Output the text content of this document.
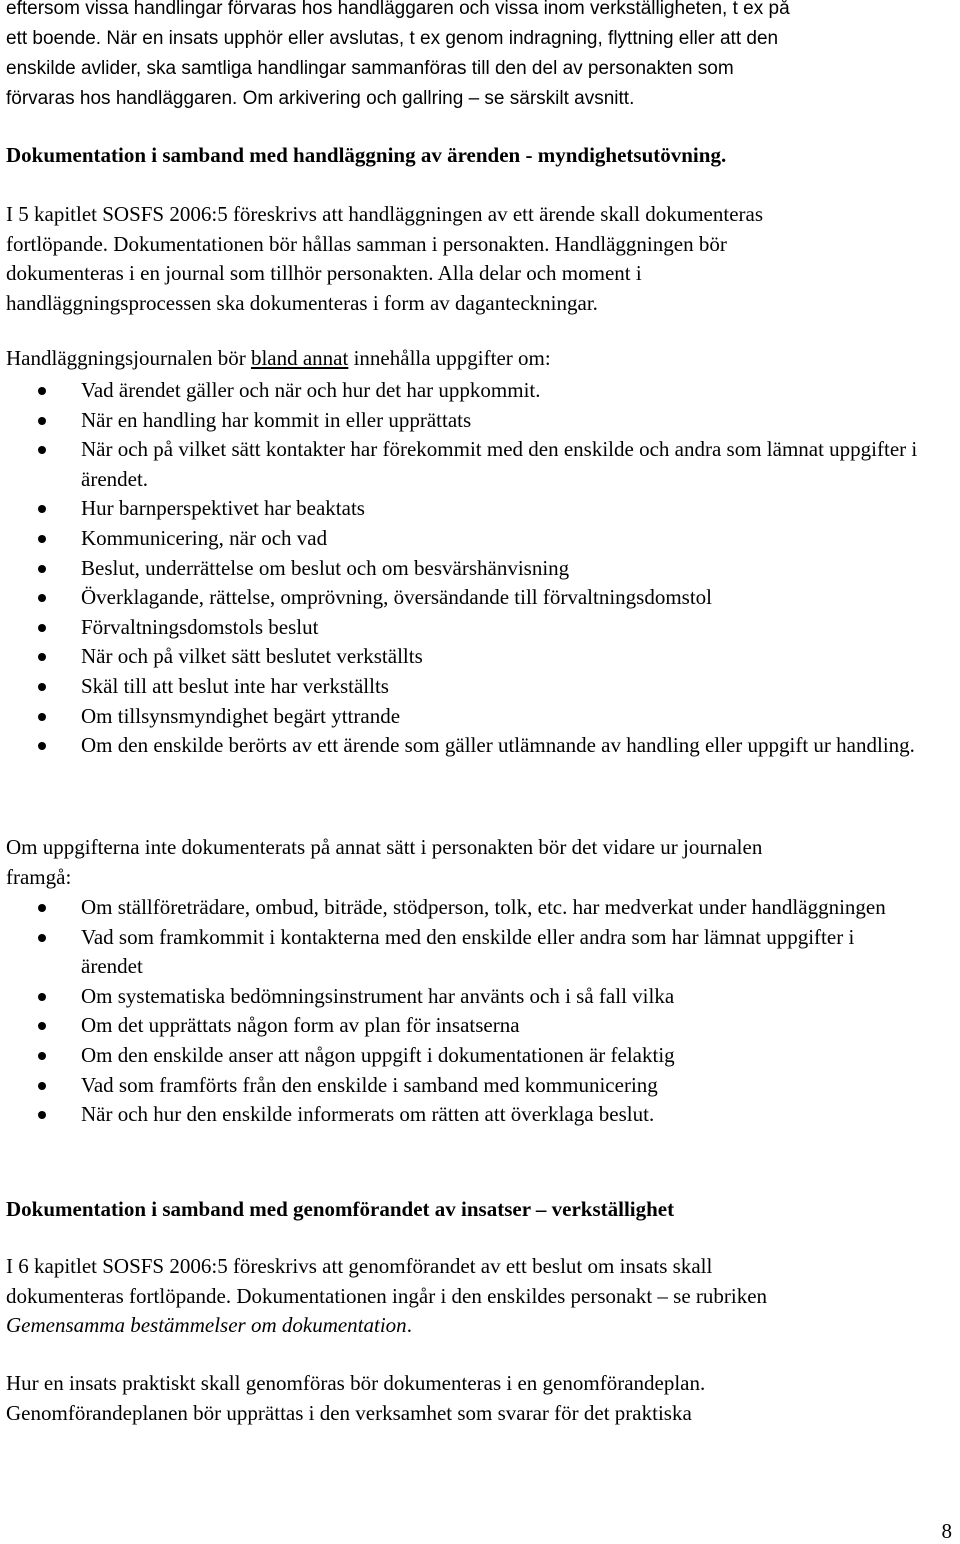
eftersom vissa handlingar förvaras hos handläggaren och vissa inom verkställigheten, t ex på
ett boende. När en insats upphör eller avslutas, t ex genom indragning, flyttning eller att den
enskilde avlider, ska samtliga handlingar sammanföras till den del av personakten som
förvaras hos handläggaren. Om arkivering och gallring – se särskilt avsnitt.
Dokumentation i samband med handläggning av ärenden - myndighetsutövning.
I 5 kapitlet SOSFS 2006:5 föreskrivs att handläggningen av ett ärende skall dokumenteras
fortlöpande. Dokumentationen bör hållas samman i personakten. Handläggningen bör
dokumenteras i en journal som tillhör personakten. Alla delar och moment i
handläggningsprocessen ska dokumenteras i form av daganteckningar.
Handläggningsjournalen bör bland annat innehålla uppgifter om:
Vad ärendet gäller och när och hur det har uppkommit.
När en handling har kommit in eller upprättats
När och på vilket sätt kontakter har förekommit med den enskilde och andra som lämnat uppgifter i ärendet.
Hur barnperspektivet har beaktats
Kommunicering, när och vad
Beslut, underrättelse om beslut och om besvärshänvisning
Överklagande, rättelse, omprövning, översändande till förvaltningsdomstol
Förvaltningsdomstols beslut
När och på vilket sätt beslutet verkställts
Skäl till att beslut inte har verkställts
Om tillsynsmyndighet begärt yttrande
Om den enskilde berörts av ett ärende som gäller utlämnande av handling eller uppgift ur handling.
Om uppgifterna inte dokumenterats på annat sätt i personakten bör det vidare ur journalen
framgå:
Om ställföreträdare, ombud, biträde, stödperson, tolk, etc. har medverkat under handläggningen
Vad som framkommit i kontakterna med den enskilde eller andra som har lämnat uppgifter i ärendet
Om systematiska bedömningsinstrument har använts och i så fall vilka
Om det upprättats någon form av plan för insatserna
Om den enskilde anser att någon uppgift i dokumentationen är felaktig
Vad som framförts från den enskilde i samband med kommunicering
När och hur den enskilde informerats om rätten att överklaga beslut.
Dokumentation i samband med genomförandet av insatser – verkställighet
I 6 kapitlet SOSFS 2006:5 föreskrivs att genomförandet av ett beslut om insats skall
dokumenteras fortlöpande. Dokumentationen ingår i den enskildes personakt – se rubriken
Gemensamma bestämmelser om dokumentation.
Hur en insats praktiskt skall genomföras bör dokumenteras i en genomförandeplan.
Genomförandeplanen bör upprättas i den verksamhet som svarar för det praktiska
8
